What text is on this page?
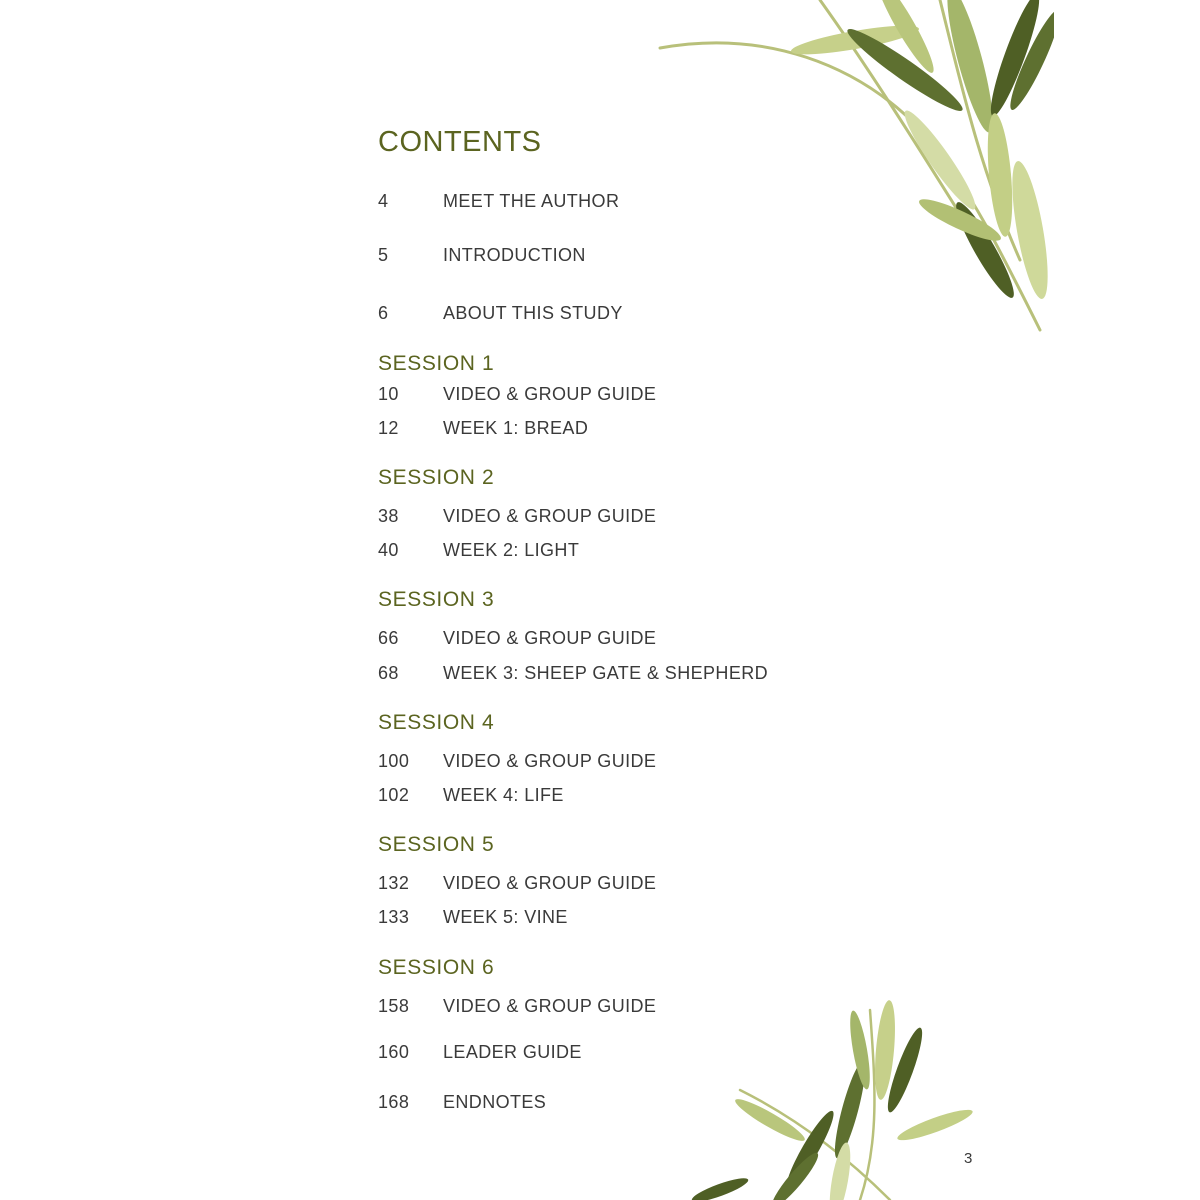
CONTENTS
4	MEET THE AUTHOR
5	INTRODUCTION
6	ABOUT THIS STUDY
SESSION 1
10	VIDEO & GROUP GUIDE
12	WEEK 1: BREAD
SESSION 2
38	VIDEO & GROUP GUIDE
40	WEEK 2: LIGHT
SESSION 3
66	VIDEO & GROUP GUIDE
68	WEEK 3: SHEEP GATE & SHEPHERD
SESSION 4
100	VIDEO & GROUP GUIDE
102	WEEK 4: LIFE
SESSION 5
132	VIDEO & GROUP GUIDE
133	WEEK 5: VINE
SESSION 6
158	VIDEO & GROUP GUIDE
160	LEADER GUIDE
168	ENDNOTES
3
